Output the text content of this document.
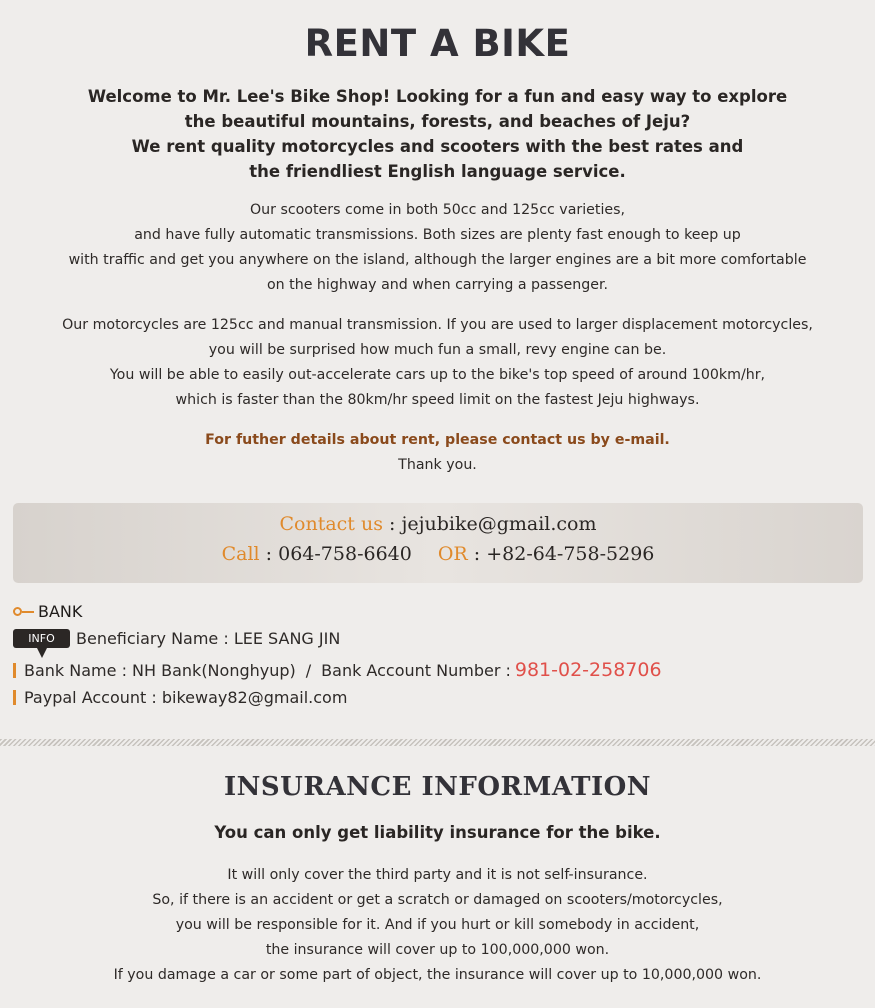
RENT A BIKE
Welcome to Mr. Lee's Bike Shop! Looking for a fun and easy way to explore
the beautiful mountains, forests, and beaches of Jeju?
We rent quality motorcycles and scooters with the best rates and
the friendliest English language service.
Our scooters come in both 50cc and 125cc varieties,
and have fully automatic transmissions. Both sizes are plenty fast enough to keep up
with traffic and get you anywhere on the island, although the larger engines are a bit more comfortable
on the highway and when carrying a passenger.
Our motorcycles are 125cc and manual transmission. If you are used to larger displacement motorcycles,
you will be surprised how much fun a small, revy engine can be.
You will be able to easily out-accelerate cars up to the bike's top speed of around 100km/hr,
which is faster than the 80km/hr speed limit on the fastest Jeju highways.
For futher details about rent, please contact us by e-mail.
Thank you.
Contact us : jejubike@gmail.com
Call : 064-758-6640 OR : +82-64-758-5296
BANK
INFO	Beneficiary Name : LEE SANG JIN
Bank Name : NH Bank(Nonghyup) / Bank Account Number : 981-02-258706
Paypal Account : bikeway82@gmail.com
INSURANCE INFORMATION
You can only get liability insurance for the bike.
It will only cover the third party and it is not self-insurance.
So, if there is an accident or get a scratch or damaged on scooters/motorcycles,
you will be responsible for it. And if you hurt or kill somebody in accident,
the insurance will cover up to 100,000,000 won.
If you damage a car or some part of object, the insurance will cover up to 10,000,000 won.
